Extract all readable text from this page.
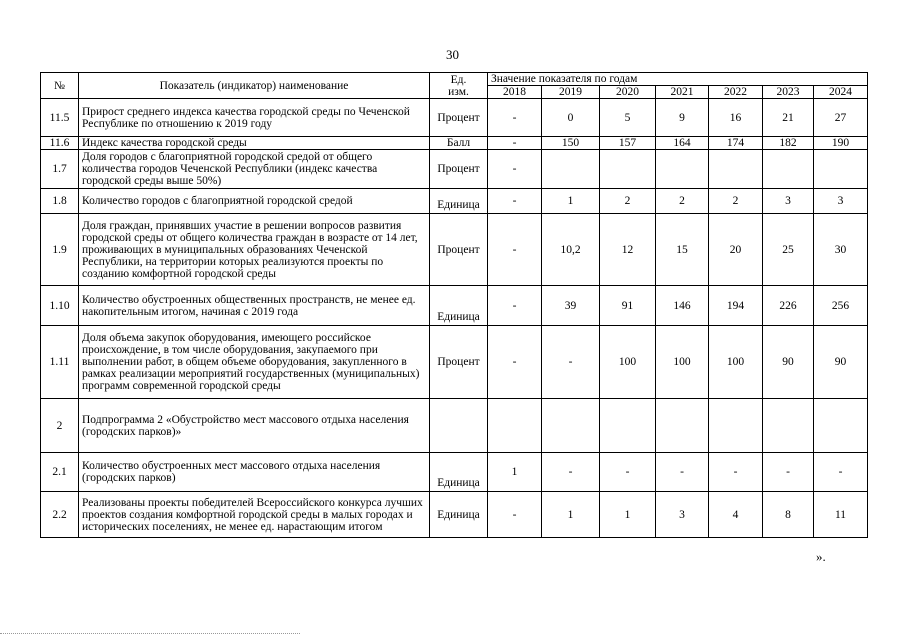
30
№	Показатель (индикатор) наименование	Ед.
изм.	Значение показателя по годам						
			2018	2019	2020	2021	2022	2023	2024
11.5	Прирост среднего индекса качества городской среды по Чеченской Республике по отношению к 2019 году	Процент	-	0	5	9	16	21	27
11.6	Индекс качества городской среды	Балл	-	150	157	164	174	182	190
1.7	Доля городов с благоприятной городской средой от общего количества городов Чеченской Республики (индекс качества городской среды выше 50%)	Процент	-						
1.8	Количество городов с благоприятной городской средой	Единица	-	1	2	2	2	3	3
1.9	Доля граждан, принявших участие в решении вопросов развития городской среды от общего количества граждан в возрасте от 14 лет, проживающих в муниципальных образованиях Чеченской Республики, на территории которых реализуются проекты по созданию комфортной городской среды	Процент	-	10,2	12	15	20	25	30
1.10	Количество обустроенных общественных пространств, не менее ед. накопительным итогом, начиная с 2019 года	Единица	-	39	91	146	194	226	256
1.11	Доля объема закупок оборудования, имеющего российское происхождение, в том числе оборудования, закупаемого при выполнении работ, в общем объеме оборудования, закупленного в рамках реализации мероприятий государственных (муниципальных) программ современной городской среды	Процент	-	-	100	100	100	90	90
2	Подпрограмма 2 «Обустройство мест массового отдыха населения (городских парков)»								
2.1	Количество обустроенных мест массового отдыха населения (городских парков)	Единица	1	-	-	-	-	-	-
2.2	Реализованы проекты победителей Всероссийского конкурса лучших проектов создания комфортной городской среды в малых городах и исторических поселениях, не менее ед. нарастающим итогом	Единица	-	1	1	3	4	8	11
».
